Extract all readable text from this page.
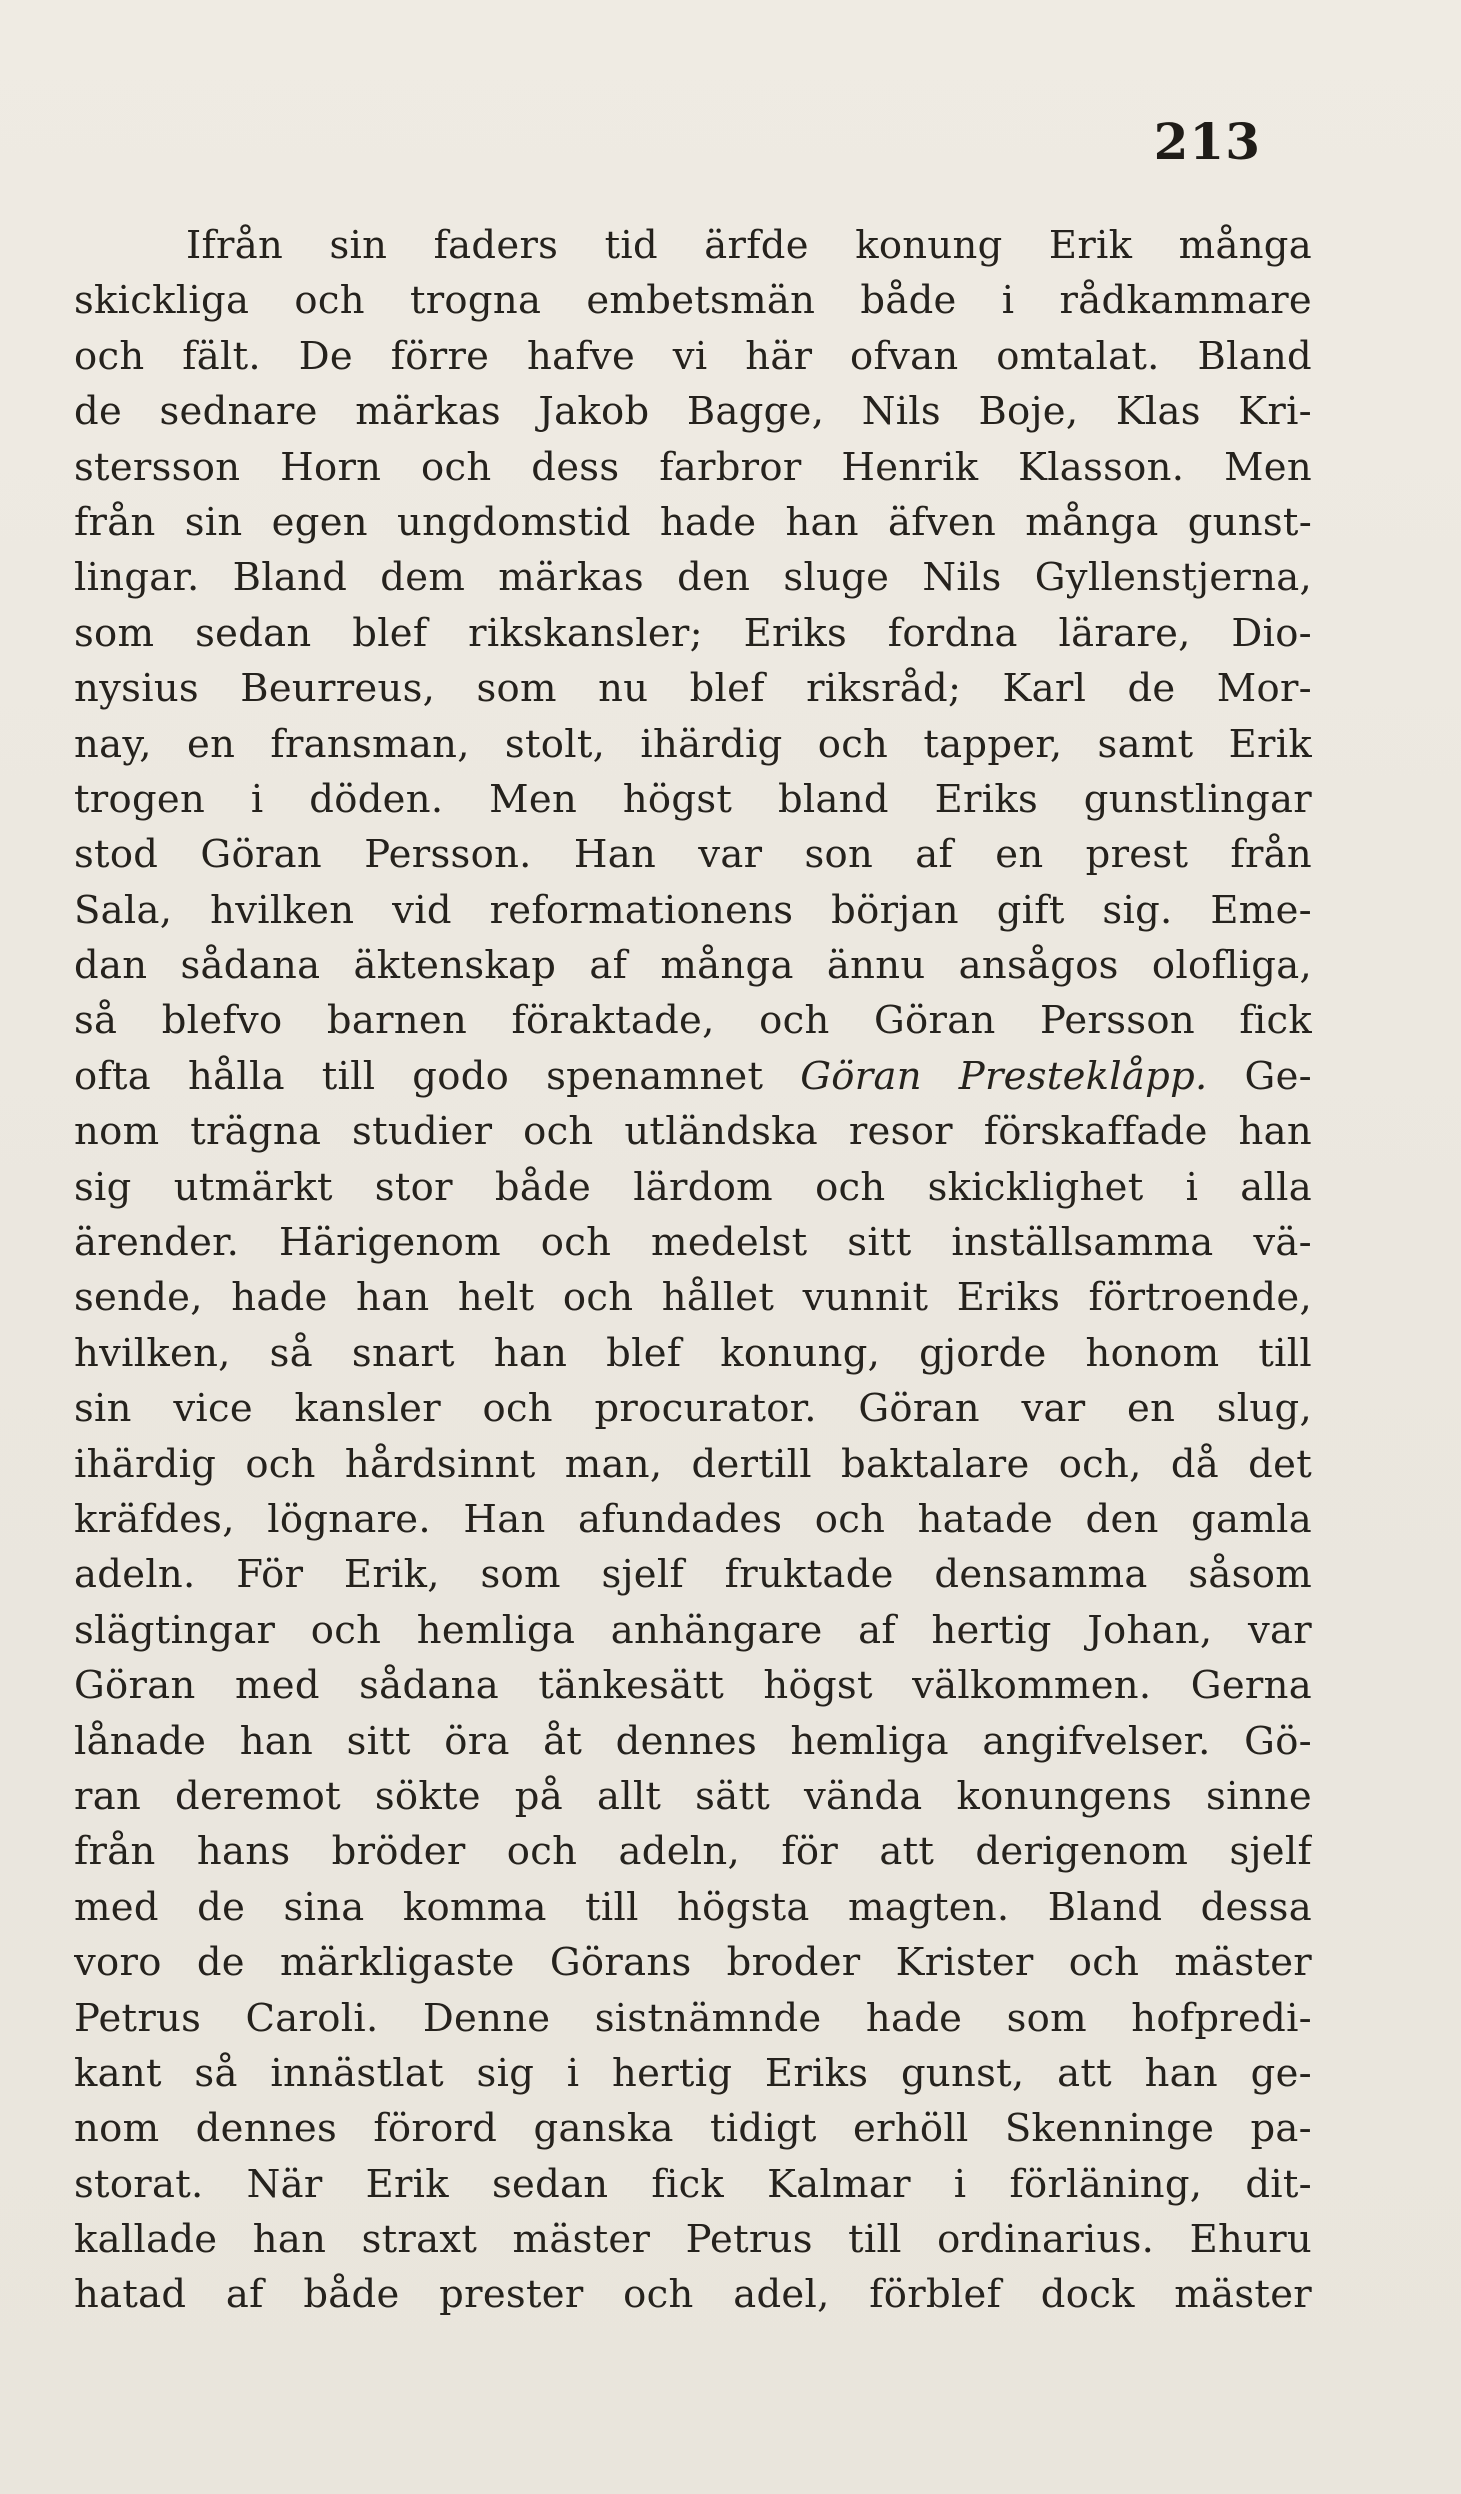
213
Ifrån sin faders tid ärfde konung Erik många
skickliga och trogna embetsmän både i rådkammare
och fält. De förre hafve vi här ofvan omtalat. Bland
de sednare märkas Jakob Bagge, Nils Boje, Klas Kri-
stersson Horn och dess farbror Henrik Klasson. Men
från sin egen ungdomstid hade han äfven många gunst-
lingar. Bland dem märkas den sluge Nils Gyllenstjerna,
som sedan blef rikskansler; Eriks fordna lärare, Dio-
nysius Beurreus, som nu blef riksråd; Karl de Mor-
nay, en fransman, stolt, ihärdig och tapper, samt Erik
trogen i döden. Men högst bland Eriks gunstlingar
stod Göran Persson. Han var son af en prest från
Sala, hvilken vid reformationens början gift sig. Eme-
dan sådana äktenskap af många ännu ansågos olofliga,
så blefvo barnen föraktade, och Göran Persson fick
ofta hålla till godo spenamnet Göran Presteklåpp. Ge-
nom trägna studier och utländska resor förskaffade han
sig utmärkt stor både lärdom och skicklighet i alla
ärender. Härigenom och medelst sitt inställsamma vä-
sende, hade han helt och hållet vunnit Eriks förtroende,
hvilken, så snart han blef konung, gjorde honom till
sin vice kansler och procurator. Göran var en slug,
ihärdig och hårdsinnt man, dertill baktalare och, då det
kräfdes, lögnare. Han afundades och hatade den gamla
adeln. För Erik, som sjelf fruktade densamma såsom
slägtingar och hemliga anhängare af hertig Johan, var
Göran med sådana tänkesätt högst välkommen. Gerna
lånade han sitt öra åt dennes hemliga angifvelser. Gö-
ran deremot sökte på allt sätt vända konungens sinne
från hans bröder och adeln, för att derigenom sjelf
med de sina komma till högsta magten. Bland dessa
voro de märkligaste Görans broder Krister och mäster
Petrus Caroli. Denne sistnämnde hade som hofpredi-
kant så innästlat sig i hertig Eriks gunst, att han ge-
nom dennes förord ganska tidigt erhöll Skenninge pa-
storat. När Erik sedan fick Kalmar i förläning, dit-
kallade han straxt mäster Petrus till ordinarius. Ehuru
hatad af både prester och adel, förblef dock mäster
